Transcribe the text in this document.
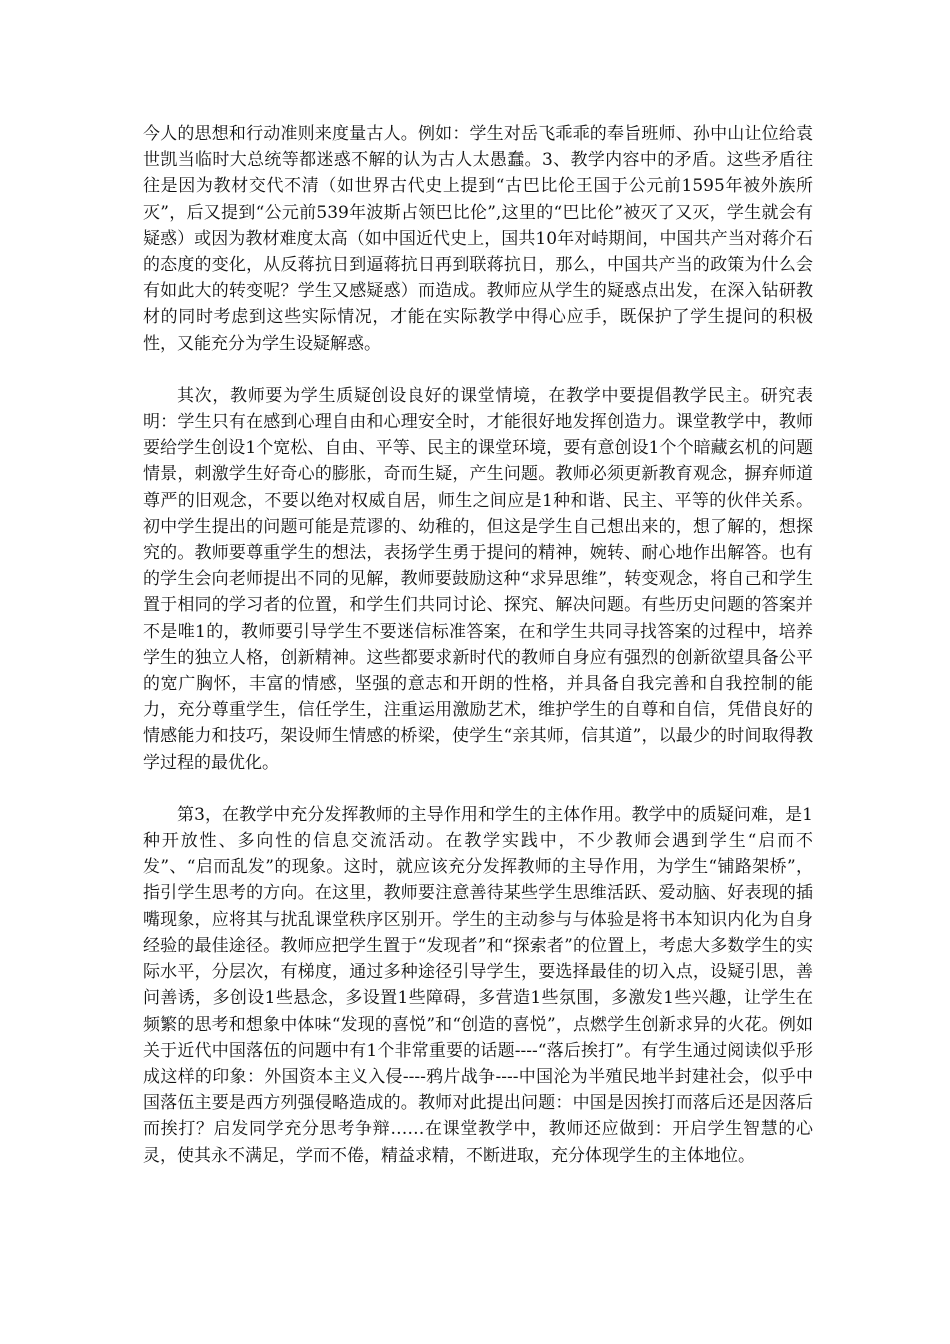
今人的思想和行动准则来度量古人。例如：学生对岳飞乖乖的奉旨班师、孙中山让位给袁世凯当临时大总统等都迷惑不解的认为古人太愚蠢。3、教学内容中的矛盾。这些矛盾往往是因为教材交代不清（如世界古代史上提到“古巴比伦王国于公元前1595年被外族所灭”，后又提到“公元前539年波斯占领巴比伦”,这里的“巴比伦”被灭了又灭，学生就会有疑惑）或因为教材难度太高（如中国近代史上，国共10年对峙期间，中国共产当对蒋介石的态度的变化，从反蒋抗日到逼蒋抗日再到联蒋抗日，那么，中国共产当的政策为什么会有如此大的转变呢？学生又感疑惑）而造成。教师应从学生的疑惑点出发，在深入钻研教材的同时考虑到这些实际情况，才能在实际教学中得心应手，既保护了学生提问的积极性，又能充分为学生设疑解惑。

其次，教师要为学生质疑创设良好的课堂情境，在教学中要提倡教学民主。研究表明：学生只有在感到心理自由和心理安全时，才能很好地发挥创造力。课堂教学中，教师要给学生创设1个宽松、自由、平等、民主的课堂环境，要有意创设1个个暗藏玄机的问题情景，刺激学生好奇心的膨胀，奇而生疑，产生问题。教师必须更新教育观念，摒弃师道尊严的旧观念，不要以绝对权威自居，师生之间应是1种和谐、民主、平等的伙伴关系。初中学生提出的问题可能是荒谬的、幼稚的，但这是学生自己想出来的，想了解的，想探究的。教师要尊重学生的想法，表扬学生勇于提问的精神，婉转、耐心地作出解答。也有的学生会向老师提出不同的见解，教师要鼓励这种“求异思维”，转变观念，将自己和学生置于相同的学习者的位置，和学生们共同讨论、探究、解决问题。有些历史问题的答案并不是唯1的，教师要引导学生不要迷信标准答案，在和学生共同寻找答案的过程中，培养学生的独立人格，创新精神。这些都要求新时代的教师自身应有强烈的创新欲望具备公平的宽广胸怀，丰富的情感，坚强的意志和开朗的性格，并具备自我完善和自我控制的能力，充分尊重学生，信任学生，注重运用激励艺术，维护学生的自尊和自信，凭借良好的情感能力和技巧，架设师生情感的桥梁，使学生“亲其师，信其道”，以最少的时间取得教学过程的最优化。

第3，在教学中充分发挥教师的主导作用和学生的主体作用。教学中的质疑问难，是1种开放性、多向性的信息交流活动。在教学实践中，不少教师会遇到学生“启而不发”、“启而乱发”的现象。这时，就应该充分发挥教师的主导作用，为学生“铺路架桥”，指引学生思考的方向。在这里，教师要注意善待某些学生思维活跃、爱动脑、好表现的插嘴现象，应将其与扰乱课堂秩序区别开。学生的主动参与与体验是将书本知识内化为自身经验的最佳途径。教师应把学生置于“发现者”和“探索者”的位置上，考虑大多数学生的实际水平，分层次，有梯度，通过多种途径引导学生，要选择最佳的切入点，设疑引思，善问善诱，多创设1些悬念，多设置1些障碍，多营造1些氛围，多激发1些兴趣，让学生在频繁的思考和想象中体味“发现的喜悦”和“创造的喜悦”，点燃学生创新求异的火花。例如关于近代中国落伍的问题中有1个非常重要的话题----“落后挨打”。有学生通过阅读似乎形成这样的印象：外国资本主义入侵----鸦片战争----中国沦为半殖民地半封建社会，似乎中国落伍主要是西方列强侵略造成的。教师对此提出问题：中国是因挨打而落后还是因落后而挨打？启发同学充分思考争辩……在课堂教学中，教师还应做到：开启学生智慧的心灵，使其永不满足，学而不倦，精益求精，不断进取，充分体现学生的主体地位。
